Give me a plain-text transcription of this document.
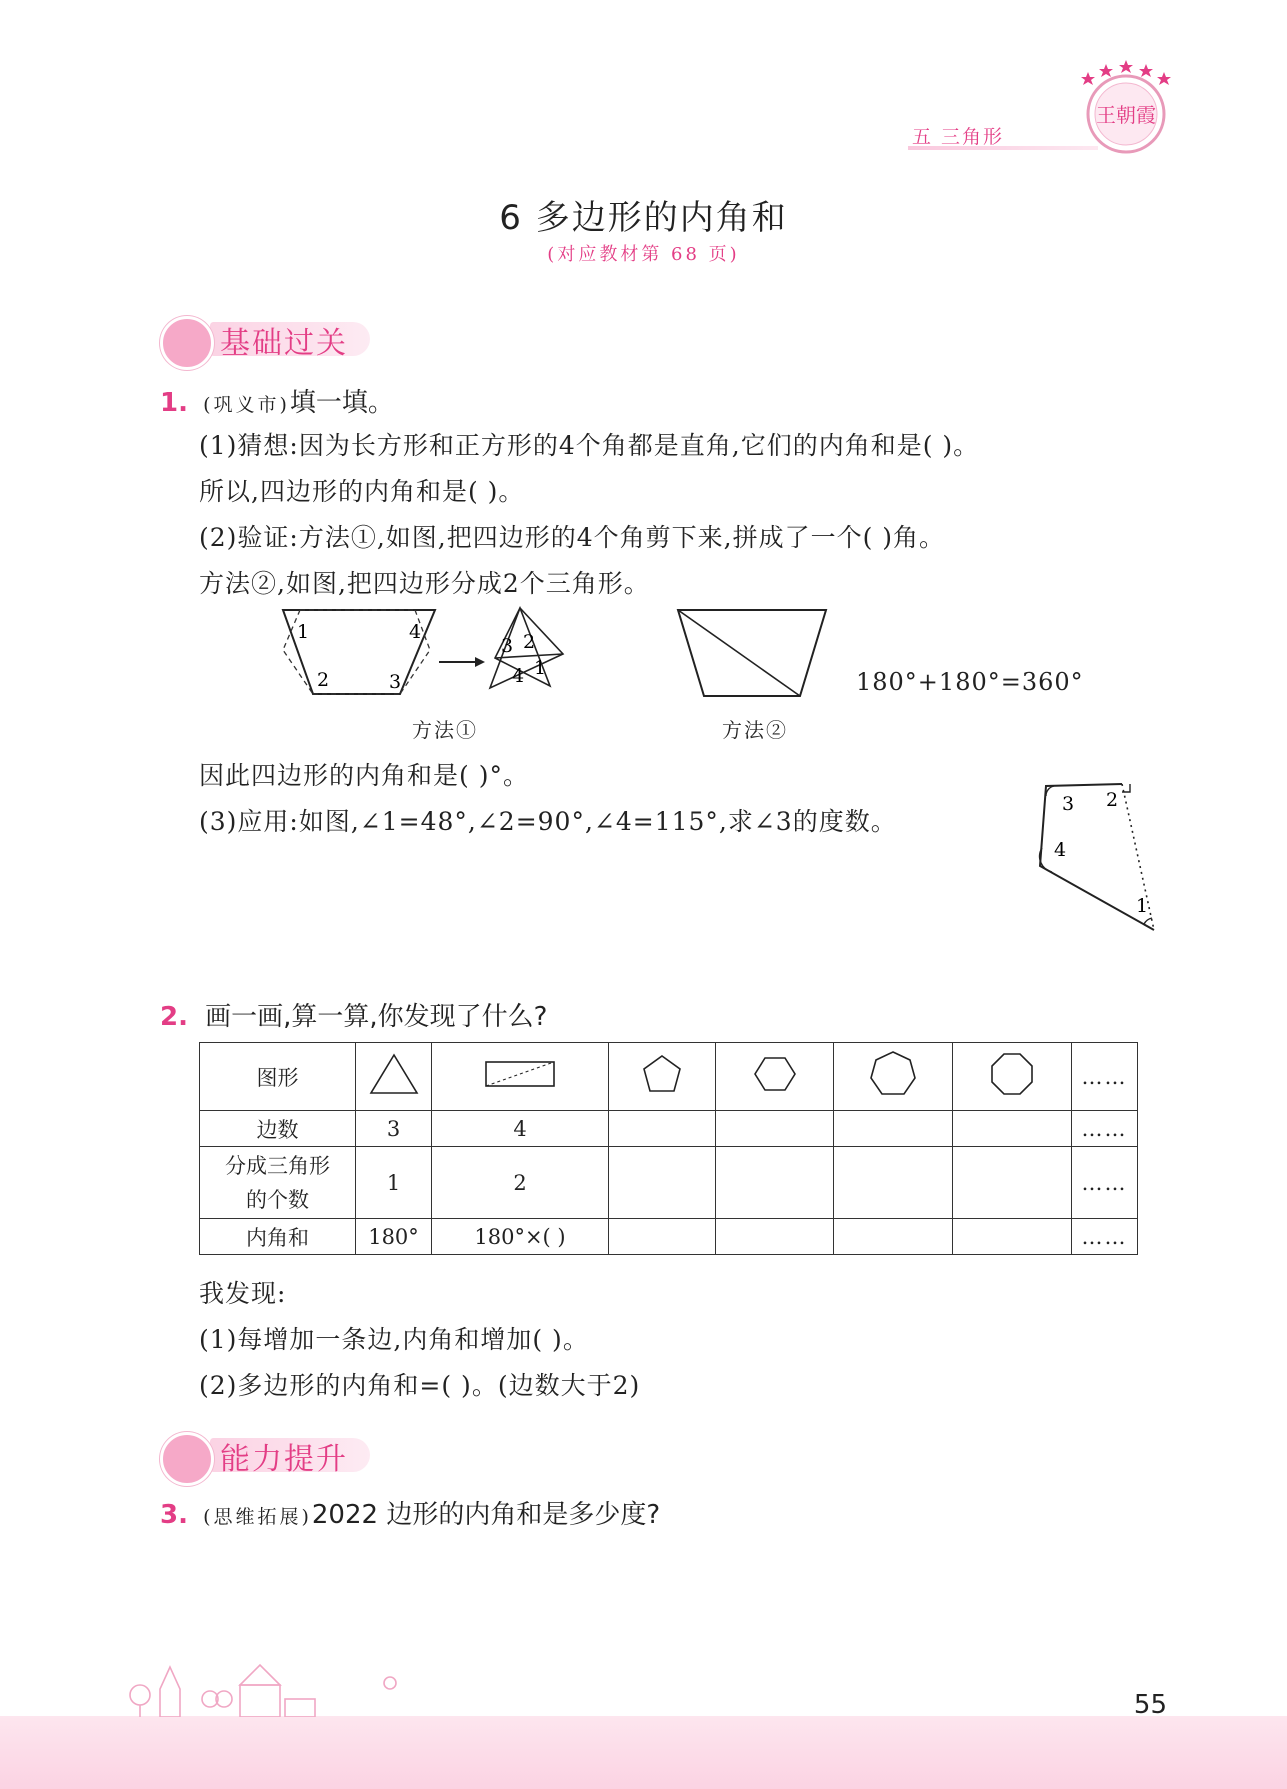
五 三角形
王朝霞
6 多边形的内角和
(对应教材第 68 页)
基础过关
1. (巩义市)填一填。
(1)猜想:因为长方形和正方形的4个角都是直角,它们的内角和是( )。
所以,四边形的内角和是( )。
(2)验证:方法①,如图,把四边形的4个角剪下来,拼成了一个( )角。
方法②,如图,把四边形分成2个三角形。
1	4
2	3
3 2
4 1
方法①	方法②
180°+180°=360°
因此四边形的内角和是( )°。
(3)应用:如图,∠1=48°,∠2=90°,∠4=115°,求∠3的度数。
3 2
4
1
2. 画一画,算一算,你发现了什么?
图形							……
边数	3	4					……

分成三角形
的个数	1	2					……
内角和	180°	180°×( )					……
我发现:
(1)每增加一条边,内角和增加( )。
(2)多边形的内角和=( )。(边数大于2)
能力提升
3. (思维拓展)2022 边形的内角和是多少度?
55
